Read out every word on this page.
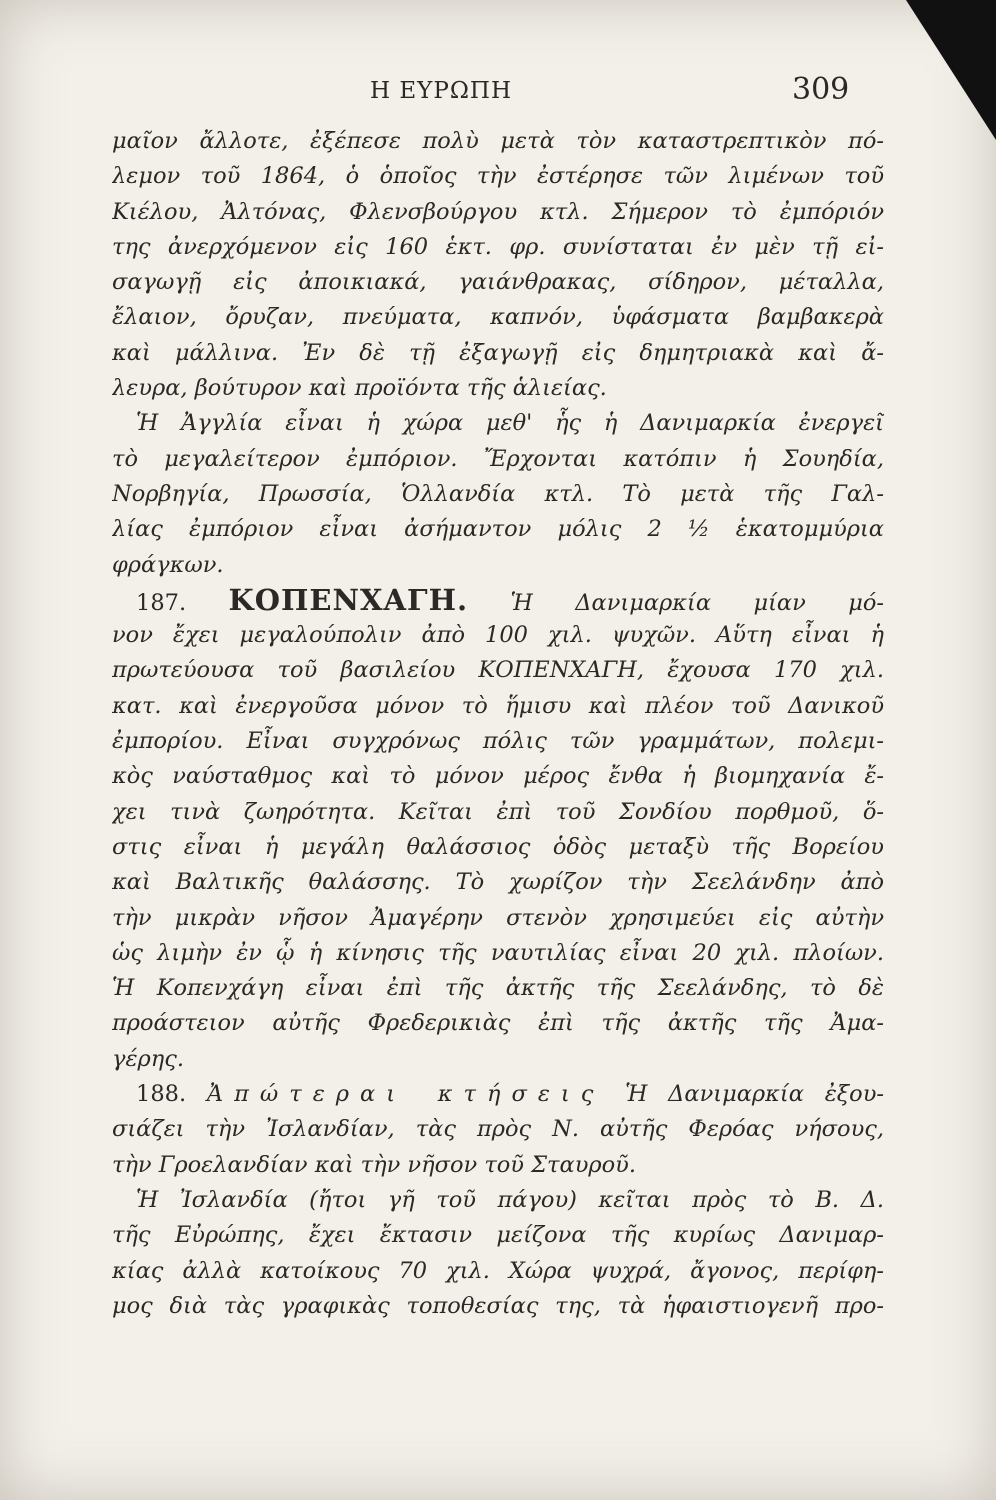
Η ΕΥΡΩΠΗ	309
μαῖον ἄλλοτε, ἐξέπεσε πολὺ μετὰ τὸν καταστρεπτικὸν πό-
λεμον τοῦ 1864, ὁ ὁποῖος τὴν ἐστέρησε τῶν λιμένων τοῦ
Κιέλου, Ἀλτόνας, Φλενσβούργου κτλ. Σήμερον τὸ ἐμπόριόν
της ἀνερχόμενον εἰς 160 ἑκτ. φρ. συνίσταται ἐν μὲν τῇ εἰ-
σαγωγῇ εἰς ἀποικιακά, γαιάνθρακας, σίδηρον, μέταλλα,
ἔλαιον, ὄρυζαν, πνεύματα, καπνόν, ὑφάσματα βαμβακερὰ
καὶ μάλλινα. Ἐν δὲ τῇ ἐξαγωγῇ εἰς δημητριακὰ καὶ ἄ-
λευρα, βούτυρον καὶ προϊόντα τῆς ἁλιείας.
Ἡ Ἀγγλία εἶναι ἡ χώρα μεθ' ἧς ἡ Δανιμαρκία ἐνεργεῖ
τὸ μεγαλείτερον ἐμπόριον. Ἔρχονται κατόπιν ἡ Σουηδία,
Νορβηγία, Πρωσσία, Ὁλλανδία κτλ. Τὸ μετὰ τῆς Γαλ-
λίας ἐμπόριον εἶναι ἀσήμαντον μόλις 2 ½ ἑκατομμύρια
φράγκων.
187. ΚΟΠΕΝΧΑΓΗ. Ἡ Δανιμαρκία μίαν μό-
νον ἔχει μεγαλούπολιν ἀπὸ 100 χιλ. ψυχῶν. Αὕτη εἶναι ἡ
πρωτεύουσα τοῦ βασιλείου ΚΟΠΕΝΧΑΓΗ, ἔχουσα 170 χιλ.
κατ. καὶ ἐνεργοῦσα μόνον τὸ ἥμισυ καὶ πλέον τοῦ Δανικοῦ
ἐμπορίου. Εἶναι συγχρόνως πόλις τῶν γραμμάτων, πολεμι-
κὸς ναύσταθμος καὶ τὸ μόνον μέρος ἔνθα ἡ βιομηχανία ἔ-
χει τινὰ ζωηρότητα. Κεῖται ἐπὶ τοῦ Σονδίου πορθμοῦ, ὅ-
στις εἶναι ἡ μεγάλη θαλάσσιος ὁδὸς μεταξὺ τῆς Βορείου
καὶ Βαλτικῆς θαλάσσης. Τὸ χωρίζον τὴν Σεελάνδην ἀπὸ
τὴν μικρὰν νῆσον Ἀμαγέρην στενὸν χρησιμεύει εἰς αὐτὴν
ὡς λιμὴν ἐν ᾧ ἡ κίνησις τῆς ναυτιλίας εἶναι 20 χιλ. πλοίων.
Ἡ Κοπενχάγη εἶναι ἐπὶ τῆς ἀκτῆς τῆς Σεελάνδης, τὸ δὲ
προάστειον αὐτῆς Φρεδερικιὰς ἐπὶ τῆς ἀκτῆς τῆς Ἀμα-
γέρης.
188. Ἀπώτεραι κτήσεις Ἡ Δανιμαρκία ἐξου-
σιάζει τὴν Ἰσλανδίαν, τὰς πρὸς Ν. αὐτῆς Φερόας νήσους,
τὴν Γροελανδίαν καὶ τὴν νῆσον τοῦ Σταυροῦ.
Ἡ Ἰσλανδία (ἤτοι γῆ τοῦ πάγου) κεῖται πρὸς τὸ Β. Δ.
τῆς Εὐρώπης, ἔχει ἔκτασιν μείζονα τῆς κυρίως Δανιμαρ-
κίας ἀλλὰ κατοίκους 70 χιλ. Χώρα ψυχρά, ἄγονος, περίφη-
μος διὰ τὰς γραφικὰς τοποθεσίας της, τὰ ἡφαιστιογενῆ προ-
